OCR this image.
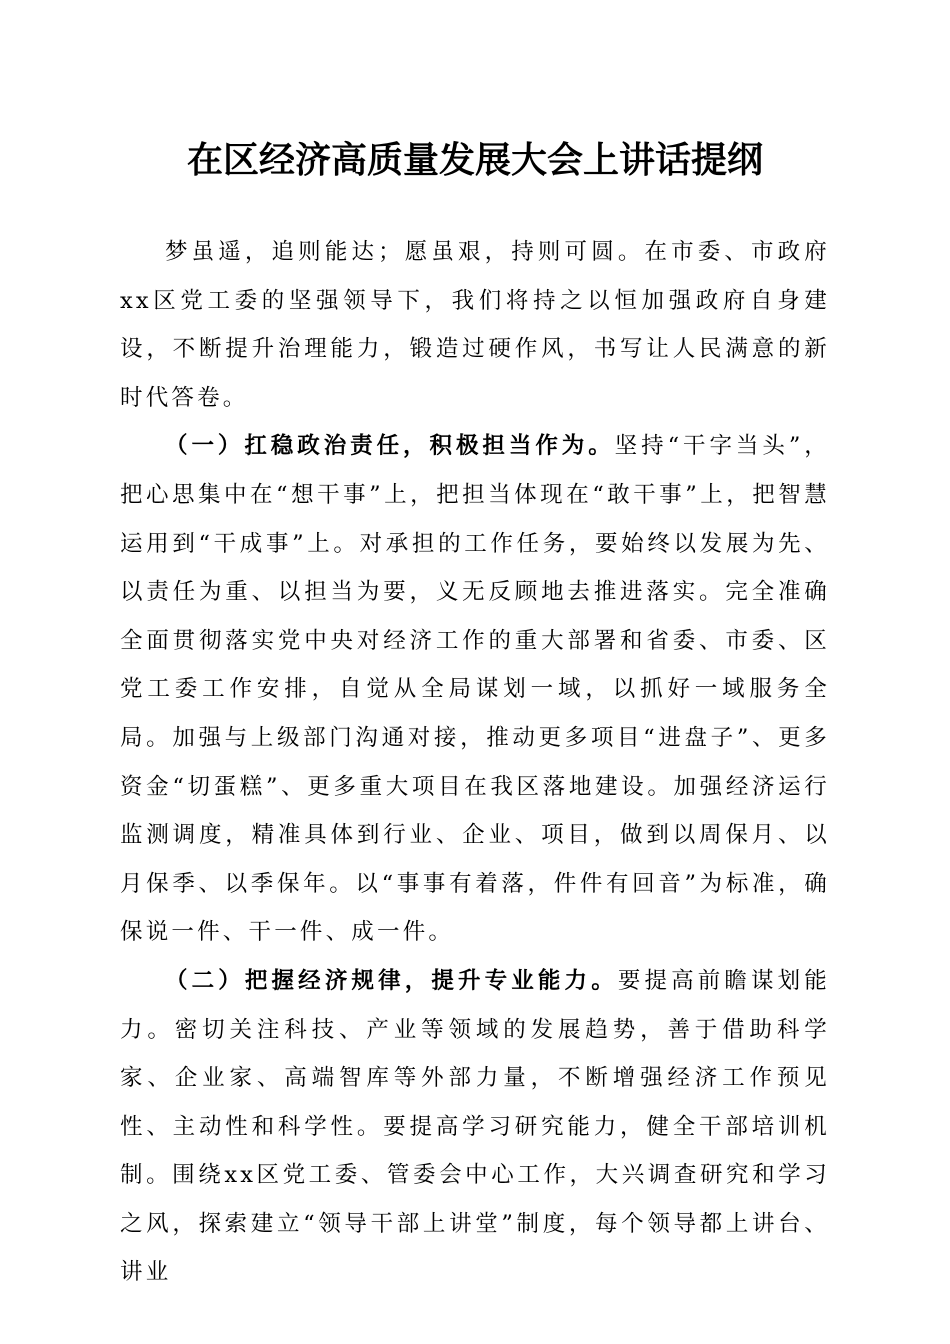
在区经济高质量发展大会上讲话提纲

梦虽遥，追则能达；愿虽艰，持则可圆。在市委、市政府xx区党工委的坚强领导下，我们将持之以恒加强政府自身建设，不断提升治理能力，锻造过硬作风，书写让人民满意的新时代答卷。

（一）扛稳政治责任，积极担当作为。坚持“干字当头”，把心思集中在“想干事”上，把担当体现在“敢干事”上，把智慧运用到“干成事”上。对承担的工作任务，要始终以发展为先、以责任为重、以担当为要，义无反顾地去推进落实。完全准确全面贯彻落实党中央对经济工作的重大部署和省委、市委、区党工委工作安排，自觉从全局谋划一域，以抓好一域服务全局。加强与上级部门沟通对接，推动更多项目“进盘子”、更多资金“切蛋糕”、更多重大项目在我区落地建设。加强经济运行监测调度，精准具体到行业、企业、项目，做到以周保月、以月保季、以季保年。以“事事有着落，件件有回音”为标准，确保说一件、干一件、成一件。

（二）把握经济规律，提升专业能力。要提高前瞻谋划能力。密切关注科技、产业等领域的发展趋势，善于借助科学家、企业家、高端智库等外部力量，不断增强经济工作预见性、主动性和科学性。要提高学习研究能力，健全干部培训机制。围绕xx区党工委、管委会中心工作，大兴调查研究和学习之风，探索建立“领导干部上讲堂”制度，每个领导都上讲台、讲业
